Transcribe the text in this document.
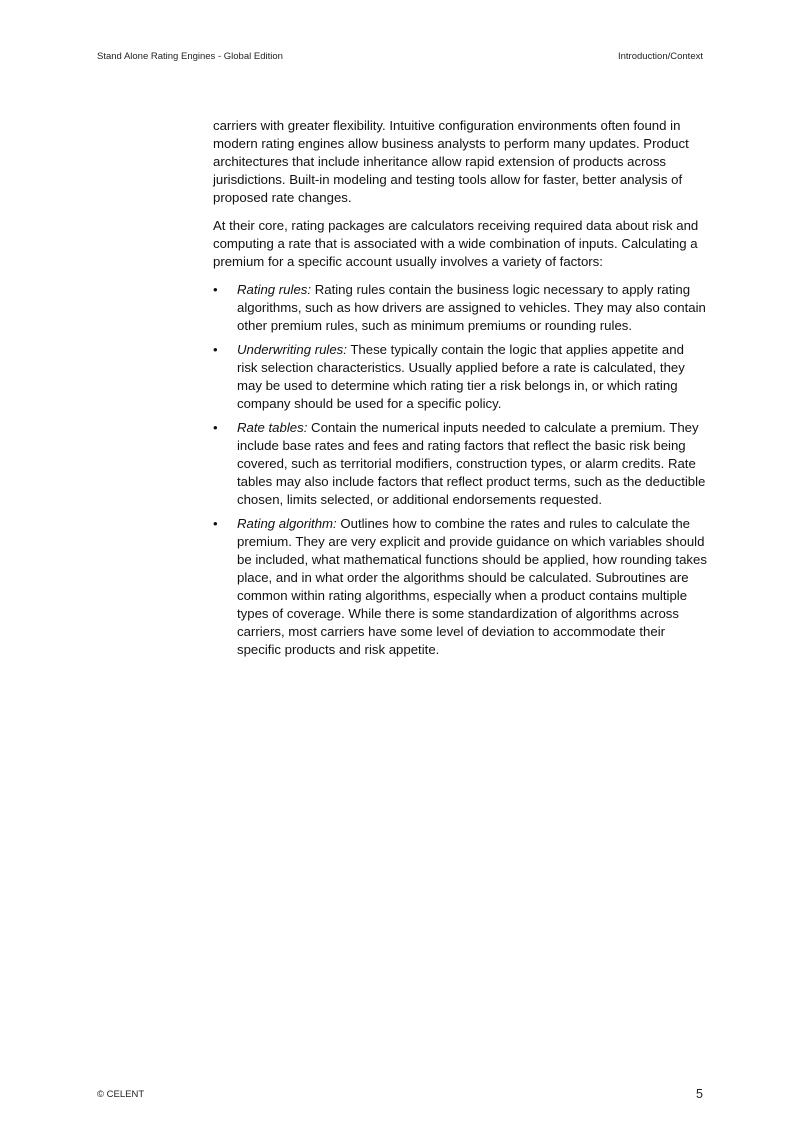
Stand Alone Rating Engines - Global Edition	Introduction/Context

carriers with greater flexibility. Intuitive configuration environments often found in modern rating engines allow business analysts to perform many updates. Product architectures that include inheritance allow rapid extension of products across jurisdictions. Built-in modeling and testing tools allow for faster, better analysis of proposed rate changes.

At their core, rating packages are calculators receiving required data about risk and computing a rate that is associated with a wide combination of inputs. Calculating a premium for a specific account usually involves a variety of factors:

• Rating rules: Rating rules contain the business logic necessary to apply rating algorithms, such as how drivers are assigned to vehicles. They may also contain other premium rules, such as minimum premiums or rounding rules.
• Underwriting rules: These typically contain the logic that applies appetite and risk selection characteristics. Usually applied before a rate is calculated, they may be used to determine which rating tier a risk belongs in, or which rating company should be used for a specific policy.
• Rate tables: Contain the numerical inputs needed to calculate a premium. They include base rates and fees and rating factors that reflect the basic risk being covered, such as territorial modifiers, construction types, or alarm credits. Rate tables may also include factors that reflect product terms, such as the deductible chosen, limits selected, or additional endorsements requested.
• Rating algorithm: Outlines how to combine the rates and rules to calculate the premium. They are very explicit and provide guidance on which variables should be included, what mathematical functions should be applied, how rounding takes place, and in what order the algorithms should be calculated. Subroutines are common within rating algorithms, especially when a product contains multiple types of coverage. While there is some standardization of algorithms across carriers, most carriers have some level of deviation to accommodate their specific products and risk appetite.
© CELENT	5
